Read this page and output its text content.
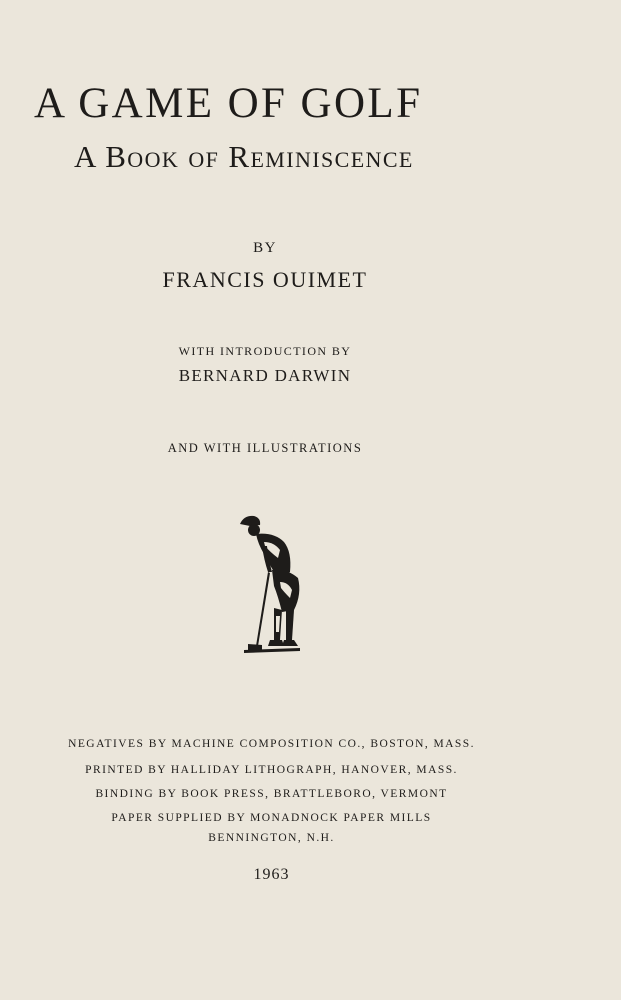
A GAME OF GOLF
A Book of Reminiscence
BY
FRANCIS OUIMET
WITH INTRODUCTION BY
BERNARD DARWIN
AND WITH ILLUSTRATIONS
NEGATIVES BY MACHINE COMPOSITION CO., BOSTON, MASS.
PRINTED BY HALLIDAY LITHOGRAPH, HANOVER, MASS.
BINDING BY BOOK PRESS, BRATTLEBORO, VERMONT
PAPER SUPPLIED BY MONADNOCK PAPER MILLS
BENNINGTON, N.H.
1963
